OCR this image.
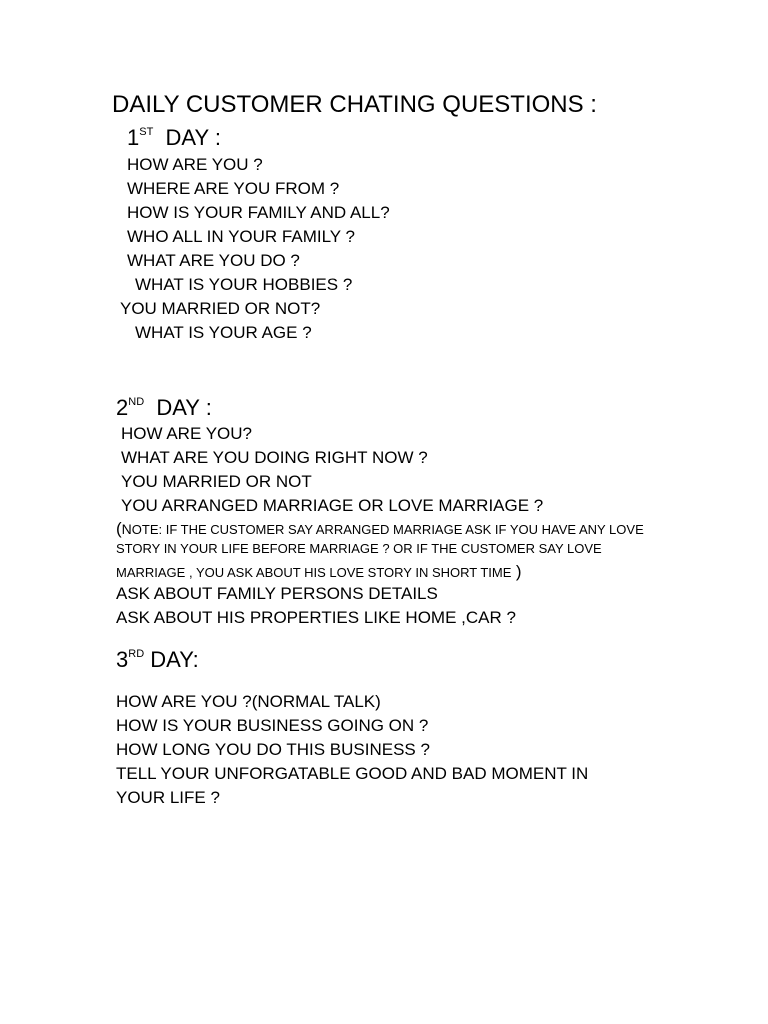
DAILY CUSTOMER CHATING QUESTIONS :
1ST DAY :
HOW ARE YOU ?
WHERE ARE YOU FROM ?
HOW IS YOUR FAMILY AND ALL?
WHO ALL IN YOUR FAMILY ?
WHAT ARE YOU DO ?
WHAT IS YOUR HOBBIES ?
YOU MARRIED OR NOT?
WHAT IS YOUR AGE ?
2ND DAY :
HOW ARE YOU?
WHAT ARE YOU DOING RIGHT NOW ?
YOU MARRIED OR NOT
YOU ARRANGED MARRIAGE OR LOVE MARRIAGE ?
(NOTE: IF THE CUSTOMER SAY ARRANGED MARRIAGE ASK IF YOU HAVE ANY LOVE
STORY IN YOUR LIFE BEFORE MARRIAGE ? OR IF THE CUSTOMER SAY LOVE
MARRIAGE , YOU ASK ABOUT HIS LOVE STORY IN SHORT TIME )
ASK ABOUT FAMILY PERSONS DETAILS
ASK ABOUT HIS PROPERTIES LIKE HOME ,CAR ?
3RD DAY:
HOW ARE YOU ?(NORMAL TALK)
HOW IS YOUR BUSINESS GOING ON ?
HOW LONG YOU DO THIS BUSINESS ?
TELL YOUR UNFORGATABLE GOOD AND BAD MOMENT IN
YOUR LIFE ?
